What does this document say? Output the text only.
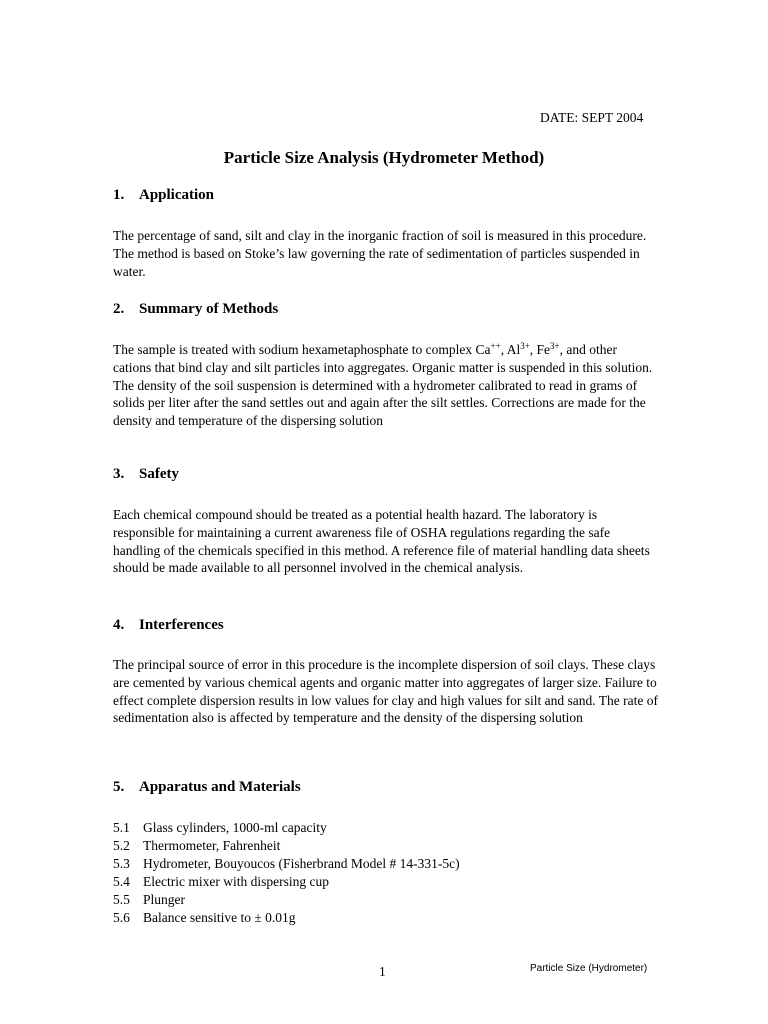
DATE: SEPT 2004
Particle Size Analysis (Hydrometer Method)
1. Application
The percentage of sand, silt and clay in the inorganic fraction of soil is measured in this procedure. The method is based on Stoke’s law governing the rate of sedimentation of particles suspended in water.
2. Summary of Methods
The sample is treated with sodium hexametaphosphate to complex Ca++, $Al^{3+}$, $Fe^{3+}$, and other cations that bind clay and silt particles into aggregates. Organic matter is suspended in this solution. The density of the soil suspension is determined with a hydrometer calibrated to read in grams of solids per liter after the sand settles out and again after the silt settles. Corrections are made for the density and temperature of the dispersing solution
3. Safety
Each chemical compound should be treated as a potential health hazard. The laboratory is responsible for maintaining a current awareness file of OSHA regulations regarding the safe handling of the chemicals specified in this method. A reference file of material handling data sheets should be made available to all personnel involved in the chemical analysis.
4. Interferences
The principal source of error in this procedure is the incomplete dispersion of soil clays. These clays are cemented by various chemical agents and organic matter into aggregates of larger size. Failure to effect complete dispersion results in low values for clay and high values for silt and sand. The rate of sedimentation also is affected by temperature and the density of the dispersing solution
5. Apparatus and Materials
5.1 Glass cylinders, 1000-ml capacity
5.2 Thermometer, Fahrenheit
5.3 Hydrometer, Bouyoucos (Fisherbrand Model # 14-331-5c)
5.4 Electric mixer with dispersing cup
5.5 Plunger
5.6 Balance sensitive to ± 0.01g
1	Particle Size (Hydrometer)
